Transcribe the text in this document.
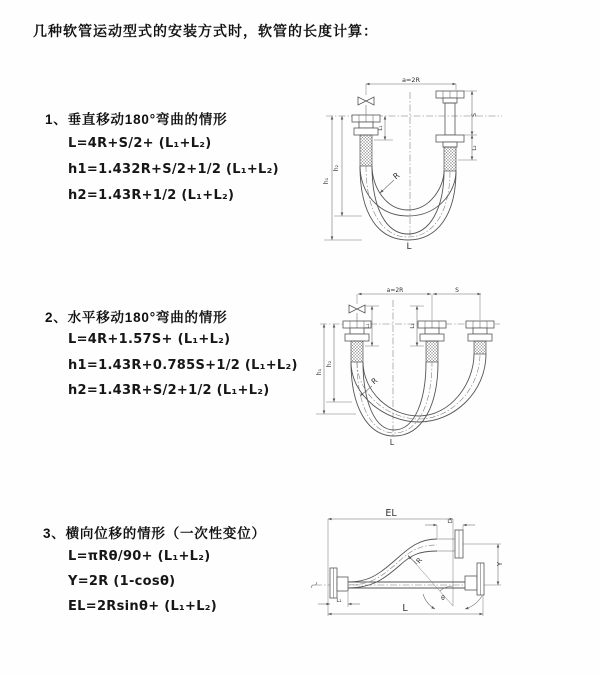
几种软管运动型式的安装方式时，软管的长度计算：
1、垂直移动180°弯曲的情形
L=4R+S/2+ (L₁+L₂)
h1=1.432R+S/2+1/2 (L₁+L₂)
h2=1.43R+1/2 (L₁+L₂)
2、水平移动180°弯曲的情形
L=4R+1.57S+ (L₁+L₂)
h1=1.43R+0.785S+1/2 (L₁+L₂)
h2=1.43R+S/2+1/2 (L₁+L₂)
3、横向位移的情形（一次性变位）
L=πRθ/90+ (L₁+L₂)
Y=2R (1-cosθ)
EL=2Rsinθ+ (L₁+L₂)
a=2R
h₁
h₂
L₁
S
L₂
R
L
a=2R	S
h₁
h₂
L₁	L₂
R
L
EL
L₂
θ
R	Y
L₁
L
